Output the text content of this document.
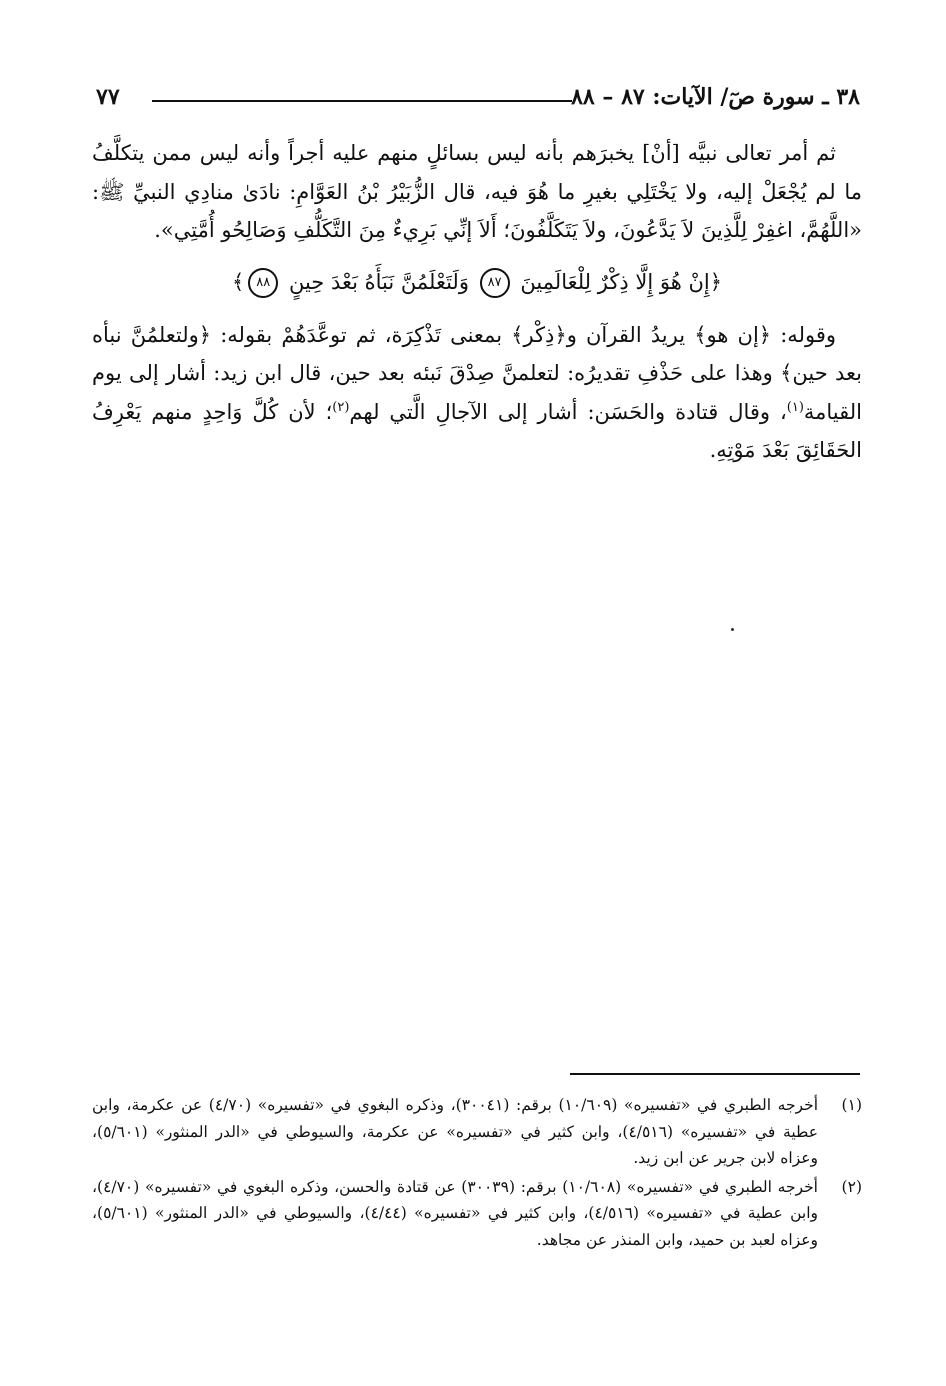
٣٨ ـ سورة صٓ/ الآيات: ٨٧ – ٨٨
٧٧

ثم أمر تعالى نبيَّه [أنْ] يخبرَهم بأنه ليس بسائلٍ منهم عليه أجراً وأنه ليس ممن يتكلَّفُ ما لم يُجْعَلْ إليه، ولا يَخْتَلِي بغيرِ ما هُوَ فيه، قال الزُّبَيْرُ بْنُ العَوَّامِ: نادَىٰ منادِي النبيِّ ﷺ: «اللَّهُمَّ، اغفِرْ لِلَّذِينَ لاَ يَدَّعُونَ، ولاَ يَتَكَلَّفُونَ؛ أَلاَ إنِّي بَرِيءٌ مِنَ التَّكَلُّفِ وَصَالِحُو أُمَّتِي».

﴿إِنْ هُوَ إِلَّا ذِكْرٌ لِلْعَالَمِينَ ٨٧ وَلَتَعْلَمُنَّ نَبَأَهُ بَعْدَ حِينٍ ٨٨﴾

وقوله: ﴿إن هو﴾ يريدُ القرآن و﴿ذِكْر﴾ بمعنى تَذْكِرَة، ثم توعَّدَهُمْ بقوله: ﴿ولتعلمُنَّ نبأه بعد حين﴾ وهذا على حَذْفِ تقديرُه: لتعلمنَّ صِدْقَ نَبئه بعد حين، قال ابن زيد: أشار إلى يوم القيامة$^{(١)}$، وقال قتادة والحَسَن: أشار إلى الآجالِ الَّتي لهم$^{(٢)}$؛ لأن كُلَّ وَاحِدٍ منهم يَعْرِفُ الحَقَائِقَ بَعْدَ مَوْتِهِ.

(١)
أخرجه الطبري في «تفسيره» (١٠/٦٠٩) برقم: (٣٠٠٤١)، وذكره البغوي في «تفسيره» (٤/٧٠) عن عكرمة، وابن عطية في «تفسيره» (٤/٥١٦)، وابن كثير في «تفسيره» عن عكرمة، والسيوطي في «الدر المنثور» (٥/٦٠١)، وعزاه لابن جرير عن ابن زيد.

(٢)
أخرجه الطبري في «تفسيره» (١٠/٦٠٨) برقم: (٣٠٠٣٩) عن قتادة والحسن، وذكره البغوي في «تفسيره» (٤/٧٠)، وابن عطية في «تفسيره» (٤/٥١٦)، وابن كثير في «تفسيره» (٤/٤٤)، والسيوطي في «الدر المنثور» (٥/٦٠١)، وعزاه لعبد بن حميد، وابن المنذر عن مجاهد.
